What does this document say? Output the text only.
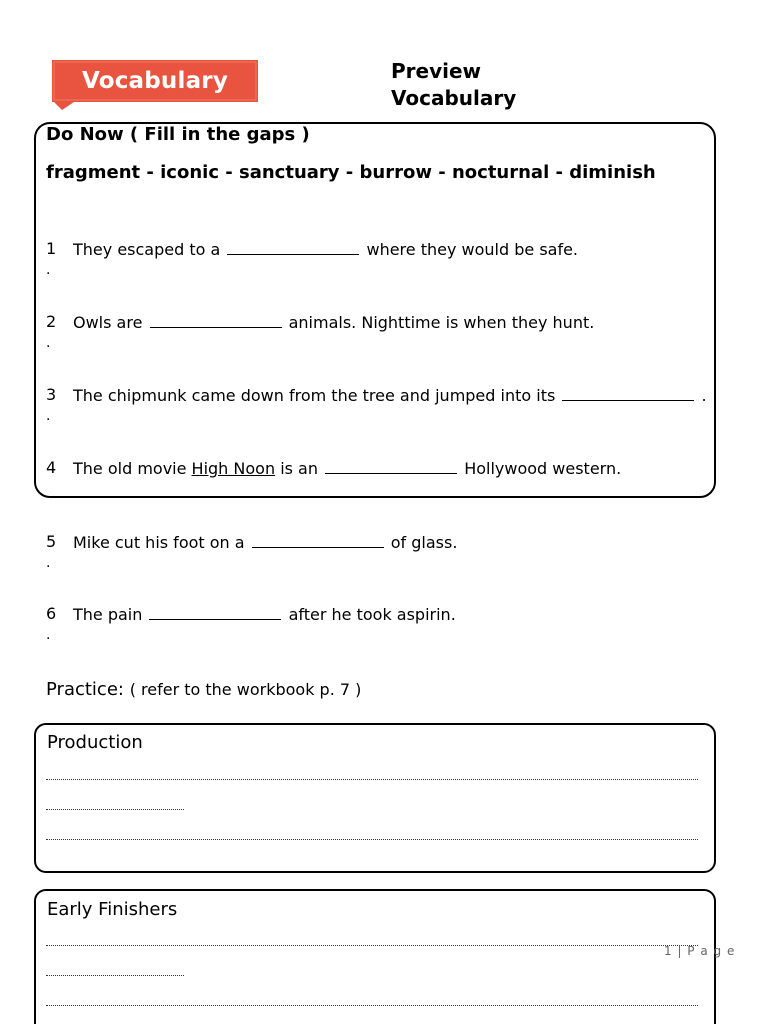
Vocabulary	Preview
Vocabulary
Do Now ( Fill in the gaps )
fragment - iconic - sanctuary - burrow - nocturnal - diminish
1 They escaped to a	where they would be safe.
.
2 Owls are	animals. Nighttime is when they hunt.
.
3 The chipmunk came down from the tree and jumped into its	.
.
4 The old movie High Noon is an	Hollywood western.
5 Mike cut his foot on a	of glass.
.
6 The pain	after he took aspirin.
.
Practice: ( refer to the workbook p. 7 )
Production
Early Finishers
1 | P a g e
